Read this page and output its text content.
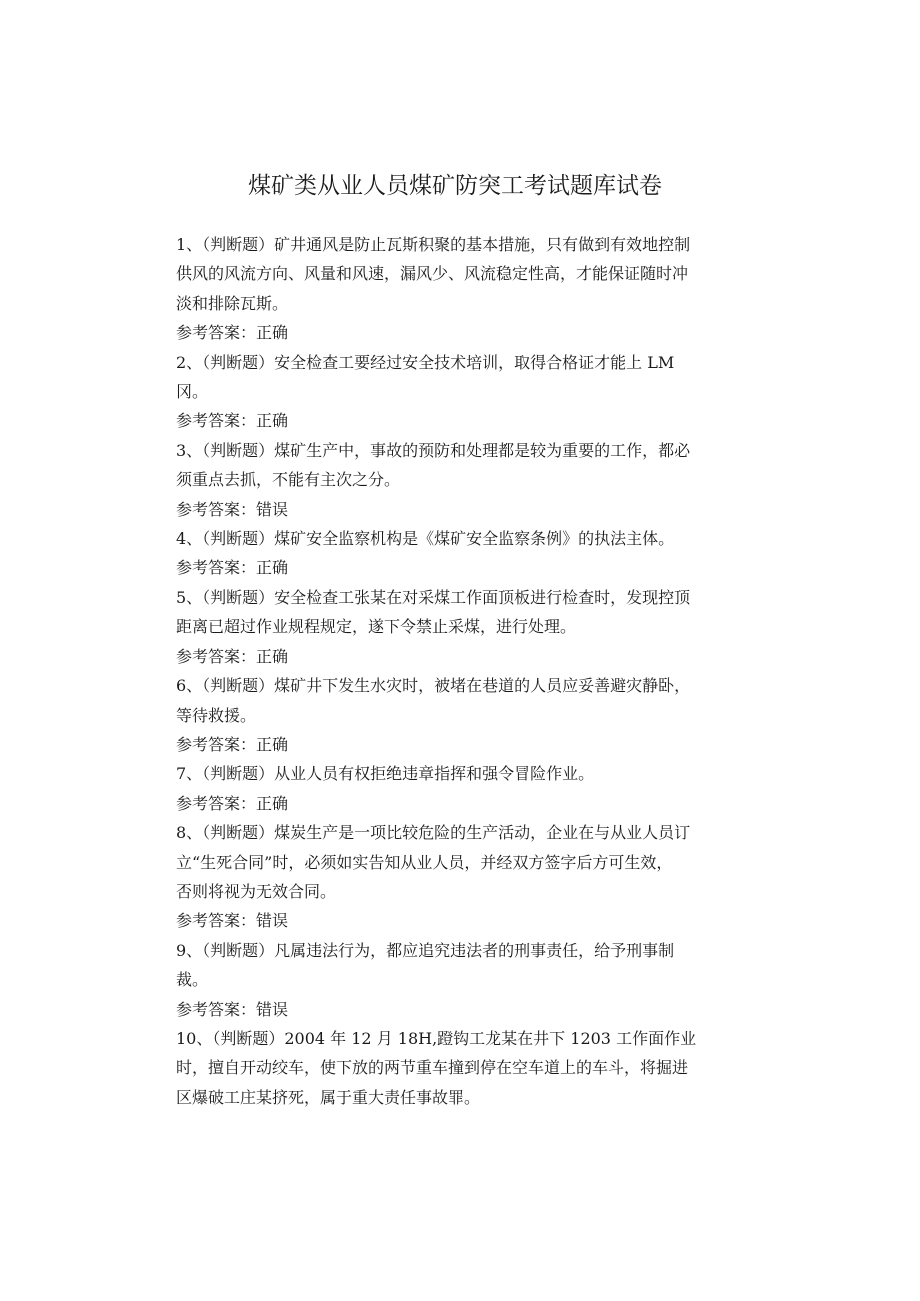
煤矿类从业人员煤矿防突工考试题库试卷
1、（判断题）矿井通风是防止瓦斯积聚的基本措施，只有做到有效地控制
供风的风流方向、风量和风速，漏风少、风流稳定性高，才能保证随时冲
淡和排除瓦斯。
参考答案：正确
2、（判断题）安全检查工要经过安全技术培训，取得合格证才能上 LM
冈。
参考答案：正确
3、（判断题）煤矿生产中，事故的预防和处理都是较为重要的工作，都必
须重点去抓，不能有主次之分。
参考答案：错误
4、（判断题）煤矿安全监察机构是《煤矿安全监察条例》的执法主体。
参考答案：正确
5、（判断题）安全检查工张某在对采煤工作面顶板进行检查时，发现控顶
距离已超过作业规程规定，遂下令禁止采煤，进行处理。
参考答案：正确
6、（判断题）煤矿井下发生水灾时，被堵在巷道的人员应妥善避灾静卧，
等待救援。
参考答案：正确
7、（判断题）从业人员有权拒绝违章指挥和强令冒险作业。
参考答案：正确
8、（判断题）煤炭生产是一项比较危险的生产活动，企业在与从业人员订
立“生死合同”时，必须如实告知从业人员，并经双方签字后方可生效，
否则将视为无效合同。
参考答案：错误
9、（判断题）凡属违法行为，都应追究违法者的刑事责任，给予刑事制
裁。
参考答案：错误
10、（判断题）2004 年 12 月 18H,蹬钩工龙某在井下 1203 工作面作业
时，擅自开动绞车，使下放的两节重车撞到停在空车道上的车斗，将掘进
区爆破工庄某挤死，属于重大责任事故罪。
